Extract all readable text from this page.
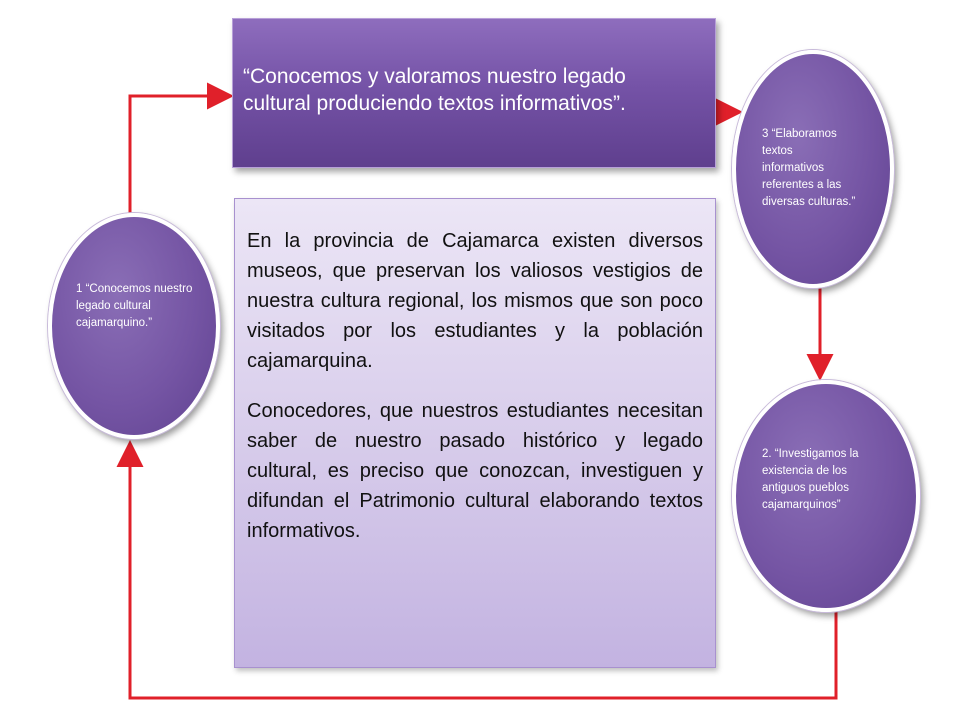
“Conocemos y valoramos nuestro legado cultural produciendo textos informativos”.

En la provincia de Cajamarca existen diversos museos, que preservan los valiosos vestigios de nuestra cultura regional, los mismos que son poco visitados por los estudiantes y la población cajamarquina.

Conocedores, que nuestros estudiantes necesitan saber de nuestro pasado histórico y legado cultural, es preciso que conozcan, investiguen y difundan el Patrimonio cultural elaborando textos informativos.

1 “Conocemos nuestro legado cultural cajamarquino.”
3 “Elaboramos textos informativos referentes a las diversas culturas.”
2. “Investigamos la existencia de los antiguos pueblos cajamarquinos”
